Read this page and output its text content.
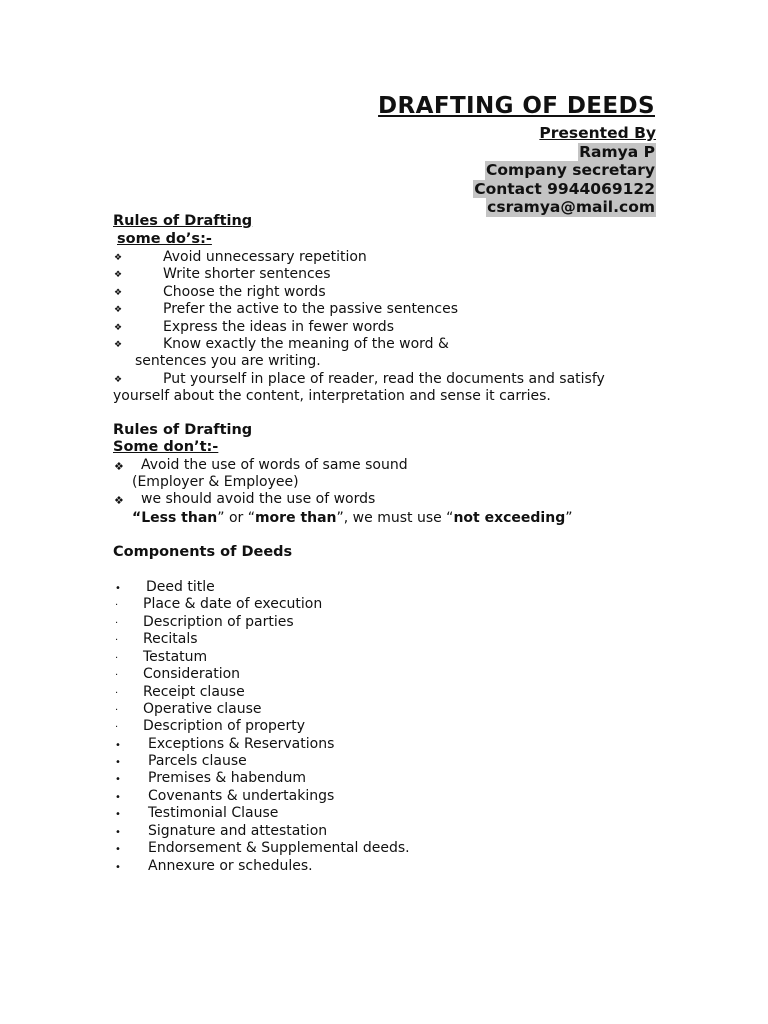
DRAFTING OF DEEDS
Presented By
Ramya P
Company secretary
Contact 9944069122
csramya@mail.com
Rules of Drafting
some do’s:-
❖	Avoid unnecessary repetition
❖	Write shorter sentences
❖	Choose the right words
❖	Prefer the active to the passive sentences
❖	Express the ideas in fewer words
❖	Know exactly the meaning of the word &
sentences you are writing.
❖	Put yourself in place of reader, read the documents and satisfy
yourself about the content, interpretation and sense it carries.
Rules of Drafting
Some don’t:-
❖ Avoid the use of words of same sound
(Employer & Employee)
❖ we should avoid the use of words
“Less than” or “more than”, we must use “not exceeding”
Components of Deeds
• Deed title
· Place & date of execution
· Description of parties
· Recitals
· Testatum
· Consideration
· Receipt clause
· Operative clause
· Description of property
• Exceptions & Reservations
• Parcels clause
• Premises & habendum
• Covenants & undertakings
• Testimonial Clause
• Signature and attestation
• Endorsement & Supplemental deeds.
• Annexure or schedules.
